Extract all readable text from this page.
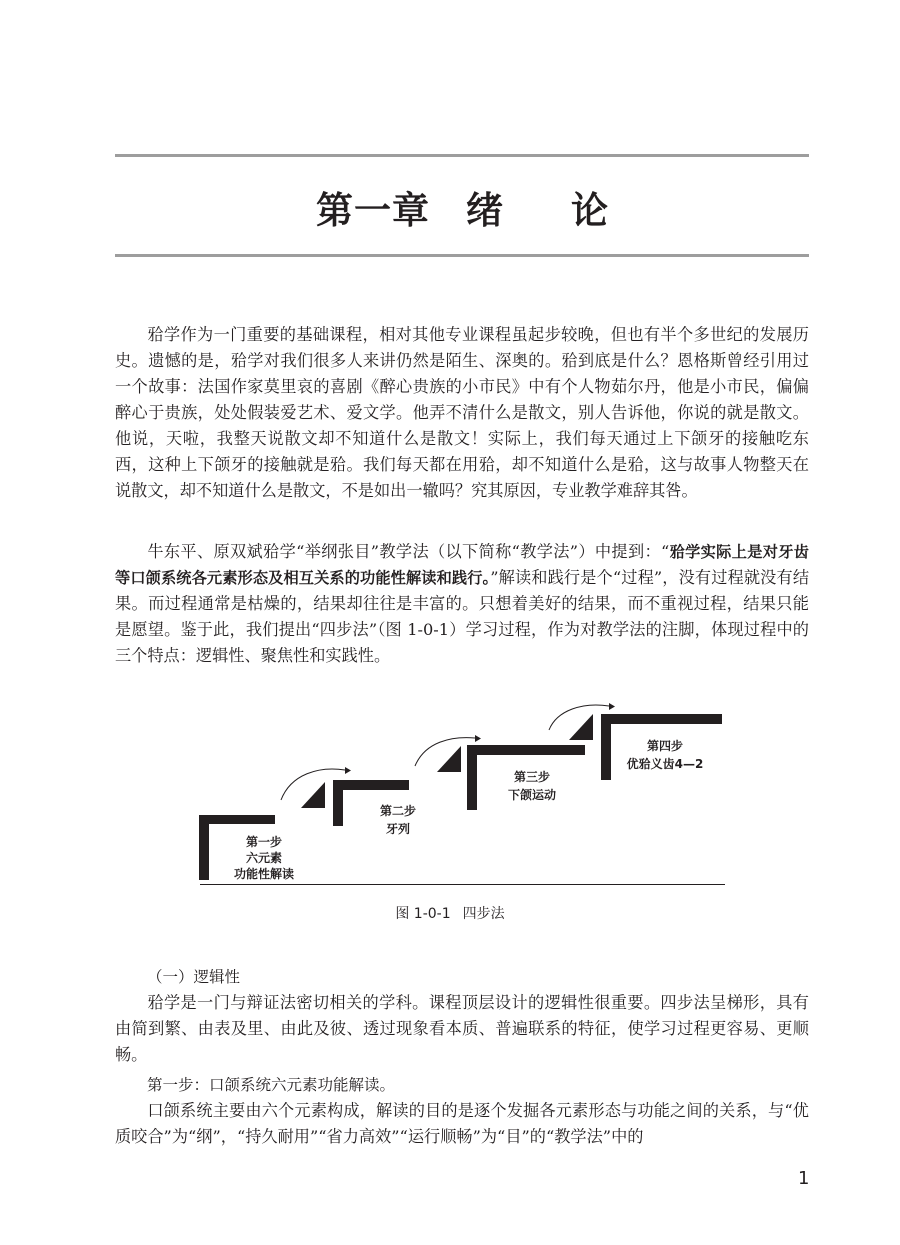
第一章 绪 论

𬌗学作为一门重要的基础课程，相对其他专业课程虽起步较晚，但也有半个多世纪的发展历史。遗憾的是，𬌗学对我们很多人来讲仍然是陌生、深奥的。𬌗到底是什么？恩格斯曾经引用过一个故事：法国作家莫里哀的喜剧《醉心贵族的小市民》中有个人物茹尔丹，他是小市民，偏偏醉心于贵族，处处假装爱艺术、爱文学。他弄不清什么是散文，别人告诉他，你说的就是散文。他说，天啦，我整天说散文却不知道什么是散文！实际上，我们每天通过上下颌牙的接触吃东西，这种上下颌牙的接触就是𬌗。我们每天都在用𬌗，却不知道什么是𬌗，这与故事人物整天在说散文，却不知道什么是散文，不是如出一辙吗？究其原因，专业教学难辞其咎。

牛东平、原双斌𬌗学“举纲张目”教学法（以下简称“教学法”）中提到：“𬌗学实际上是对牙齿等口颌系统各元素形态及相互关系的功能性解读和践行。”解读和践行是个“过程”，没有过程就没有结果。而过程通常是枯燥的，结果却往往是丰富的。只想着美好的结果，而不重视过程，结果只能是愿望。鉴于此，我们提出“四步法”（图 1-0-1）学习过程，作为对教学法的注脚，体现过程中的三个特点：逻辑性、聚焦性和实践性。

第一步
六元素
功能性解读
第二步
牙列
第三步
下颌运动
第四步
优𬌗义齿4—2
图 1-0-1 四步法

（一）逻辑性

𬌗学是一门与辩证法密切相关的学科。课程顶层设计的逻辑性很重要。四步法呈梯形，具有由简到繁、由表及里、由此及彼、透过现象看本质、普遍联系的特征，使学习过程更容易、更顺畅。

第一步：口颌系统六元素功能解读。

口颌系统主要由六个元素构成，解读的目的是逐个发掘各元素形态与功能之间的关系，与“优质咬合”为“纲”，“持久耐用”“省力高效”“运行顺畅”为“目”的“教学法”中的

1
